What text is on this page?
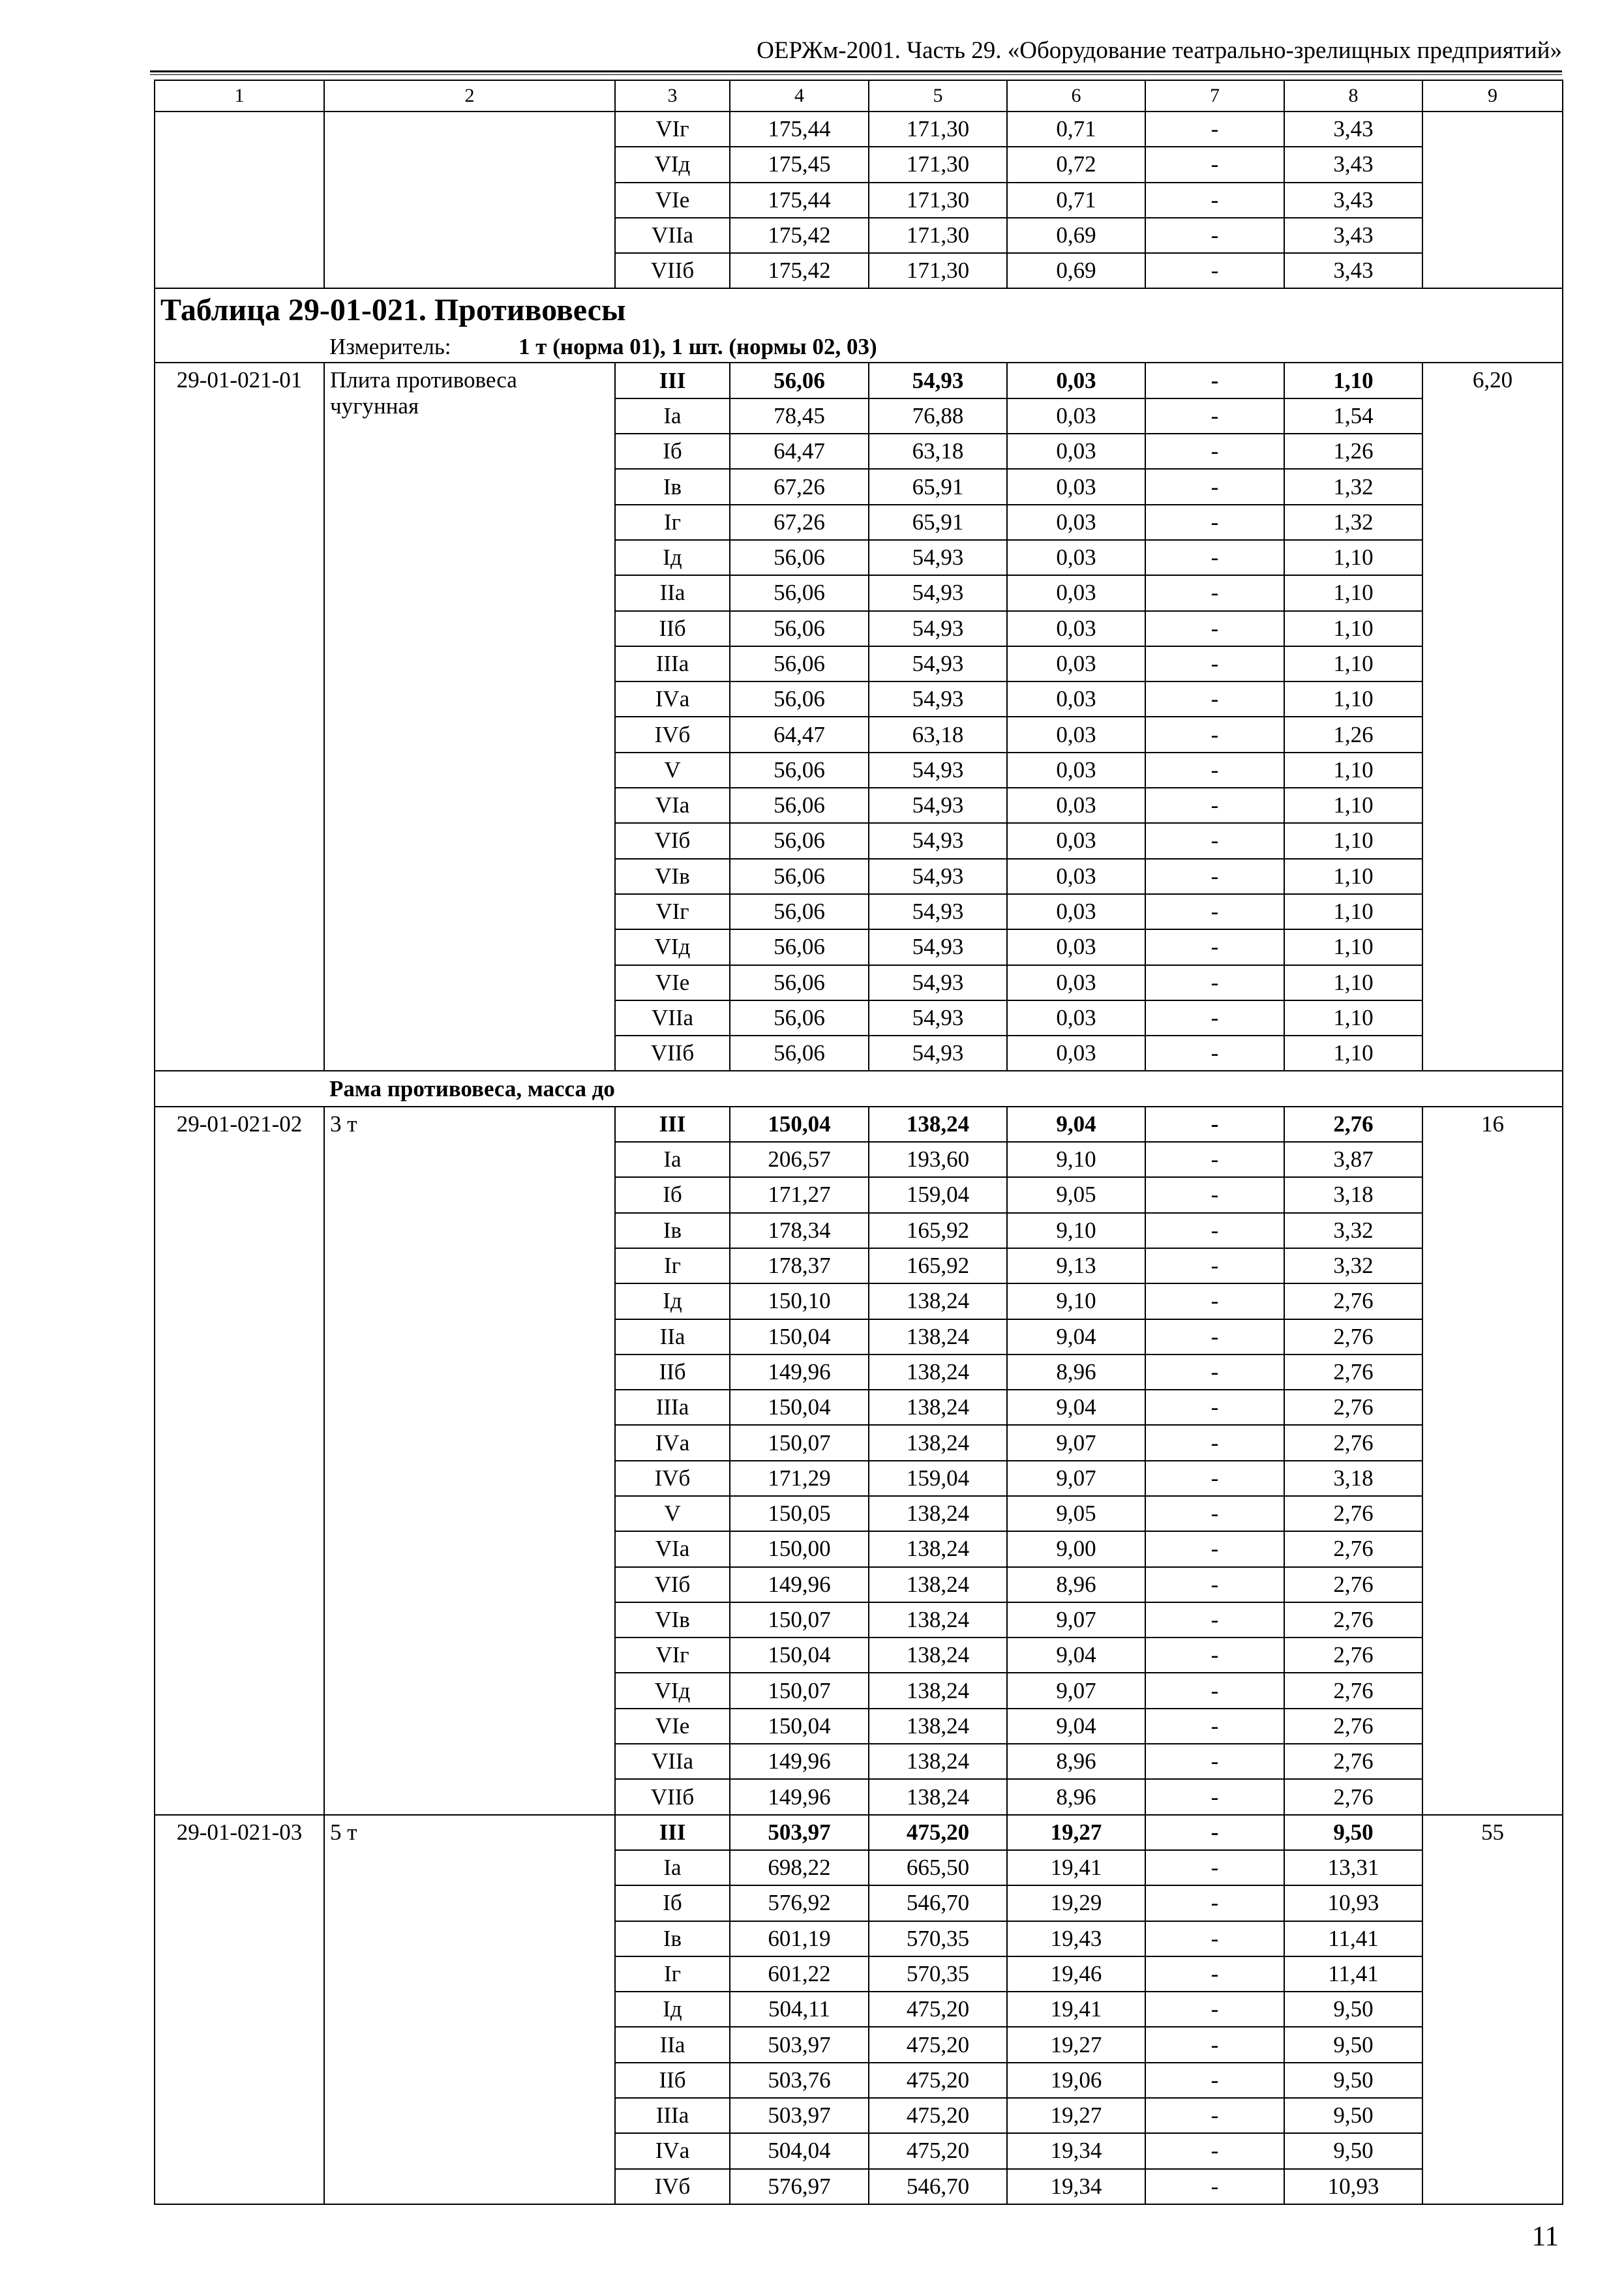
ОЕРЖм-2001. Часть 29. «Оборудование театрально-зрелищных предприятий»
1	2	3	4	5	6	7	8	9
		VIг	175,44	171,30	0,71	-	3,43	
		VIд	175,45	171,30	0,72	-	3,43	
		VIе	175,44	171,30	0,71	-	3,43	
		VIIа	175,42	171,30	0,69	-	3,43	
		VIIб	175,42	171,30	0,69	-	3,43	
Таблица 29-01-021. Противовесы								
	Измеритель: 1 т (норма 01), 1 шт. (нормы 02, 03)							
29-01-021-01	Плита противовеса чугунная	III	56,06	54,93	0,03	-	1,10	6,20
		Iа	78,45	76,88	0,03	-	1,54	
		Iб	64,47	63,18	0,03	-	1,26	
		Iв	67,26	65,91	0,03	-	1,32	
		Iг	67,26	65,91	0,03	-	1,32	
		Iд	56,06	54,93	0,03	-	1,10	
		IIа	56,06	54,93	0,03	-	1,10	
		IIб	56,06	54,93	0,03	-	1,10	
		IIIа	56,06	54,93	0,03	-	1,10	
		IVа	56,06	54,93	0,03	-	1,10	
		IVб	64,47	63,18	0,03	-	1,26	
		V	56,06	54,93	0,03	-	1,10	
		VIа	56,06	54,93	0,03	-	1,10	
		VIб	56,06	54,93	0,03	-	1,10	
		VIв	56,06	54,93	0,03	-	1,10	
		VIг	56,06	54,93	0,03	-	1,10	
		VIд	56,06	54,93	0,03	-	1,10	
		VIе	56,06	54,93	0,03	-	1,10	
		VIIа	56,06	54,93	0,03	-	1,10	
		VIIб	56,06	54,93	0,03	-	1,10	
	Рама противовеса, масса до							
29-01-021-02	3 т	III	150,04	138,24	9,04	-	2,76	16
		Iа	206,57	193,60	9,10	-	3,87	
		Iб	171,27	159,04	9,05	-	3,18	
		Iв	178,34	165,92	9,10	-	3,32	
		Iг	178,37	165,92	9,13	-	3,32	
		Iд	150,10	138,24	9,10	-	2,76	
		IIа	150,04	138,24	9,04	-	2,76	
		IIб	149,96	138,24	8,96	-	2,76	
		IIIа	150,04	138,24	9,04	-	2,76	
		IVа	150,07	138,24	9,07	-	2,76	
		IVб	171,29	159,04	9,07	-	3,18	
		V	150,05	138,24	9,05	-	2,76	
		VIа	150,00	138,24	9,00	-	2,76	
		VIб	149,96	138,24	8,96	-	2,76	
		VIв	150,07	138,24	9,07	-	2,76	
		VIг	150,04	138,24	9,04	-	2,76	
		VIд	150,07	138,24	9,07	-	2,76	
		VIе	150,04	138,24	9,04	-	2,76	
		VIIа	149,96	138,24	8,96	-	2,76	
		VIIб	149,96	138,24	8,96	-	2,76	
29-01-021-03	5 т	III	503,97	475,20	19,27	-	9,50	55
		Iа	698,22	665,50	19,41	-	13,31	
		Iб	576,92	546,70	19,29	-	10,93	
		Iв	601,19	570,35	19,43	-	11,41	
		Iг	601,22	570,35	19,46	-	11,41	
		Iд	504,11	475,20	19,41	-	9,50	
		IIа	503,97	475,20	19,27	-	9,50	
		IIб	503,76	475,20	19,06	-	9,50	
		IIIа	503,97	475,20	19,27	-	9,50	
		IVа	504,04	475,20	19,34	-	9,50	
		IVб	576,97	546,70	19,34	-	10,93	
11
